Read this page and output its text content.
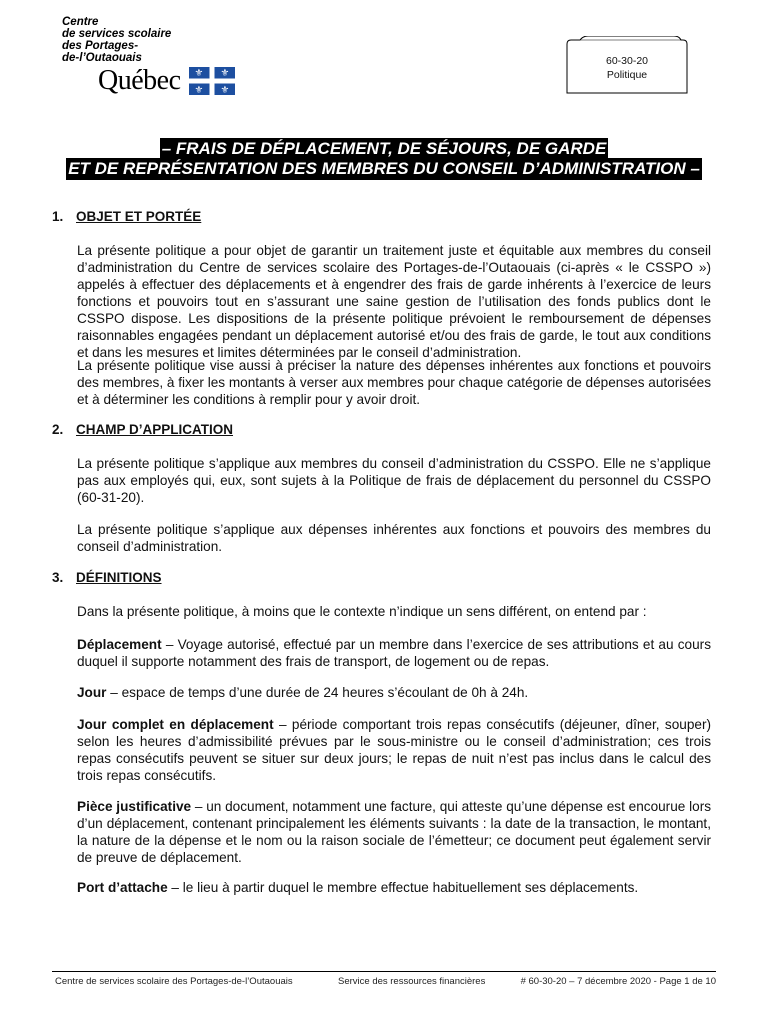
Centre
de services scolaire
des Portages-
de-l’Outaouais
Québec ⚜ ⚜
⚜ ⚜
60-30-20
Politique
– FRAIS DE DÉPLACEMENT, DE SÉJOURS, DE GARDE
ET DE REPRÉSENTATION DES MEMBRES DU CONSEIL D’ADMINISTRATION –
1. OBJET ET PORTÉE

La présente politique a pour objet de garantir un traitement juste et équitable aux membres du conseil d’administration du Centre de services scolaire des Portages-de-l’Outaouais (ci-après « le CSSPO ») appelés à effectuer des déplacements et à engendrer des frais de garde inhérents à l’exercice de leurs fonctions et pouvoirs tout en s’assurant une saine gestion de l’utilisation des fonds publics dont le CSSPO dispose. Les dispositions de la présente politique prévoient le remboursement de dépenses raisonnables engagées pendant un déplacement autorisé et/ou des frais de garde, le tout aux conditions et dans les mesures et limites déterminées par le conseil d’administration.

La présente politique vise aussi à préciser la nature des dépenses inhérentes aux fonctions et pouvoirs des membres, à fixer les montants à verser aux membres pour chaque catégorie de dépenses autorisées et à déterminer les conditions à remplir pour y avoir droit.

2. CHAMP D’APPLICATION

La présente politique s’applique aux membres du conseil d’administration du CSSPO. Elle ne s’applique pas aux employés qui, eux, sont sujets à la Politique de frais de déplacement du personnel du CSSPO (60-31-20).

La présente politique s’applique aux dépenses inhérentes aux fonctions et pouvoirs des membres du conseil d’administration.

3. DÉFINITIONS

Dans la présente politique, à moins que le contexte n’indique un sens différent, on entend par :

Déplacement – Voyage autorisé, effectué par un membre dans l’exercice de ses attributions et au cours duquel il supporte notamment des frais de transport, de logement ou de repas.

Jour – espace de temps d’une durée de 24 heures s’écoulant de 0h à 24h.

Jour complet en déplacement – période comportant trois repas consécutifs (déjeuner, dîner, souper) selon les heures d’admissibilité prévues par le sous-ministre ou le conseil d’administration; ces trois repas consécutifs peuvent se situer sur deux jours; le repas de nuit n’est pas inclus dans le calcul des trois repas consécutifs.

Pièce justificative – un document, notamment une facture, qui atteste qu’une dépense est encourue lors d’un déplacement, contenant principalement les éléments suivants : la date de la transaction, le montant, la nature de la dépense et le nom ou la raison sociale de l’émetteur; ce document peut également servir de preuve de déplacement.

Port d’attache – le lieu à partir duquel le membre effectue habituellement ses déplacements.

Centre de services scolaire des Portages-de-l’Outaouais	Service des ressources financières	# 60-30-20 – 7 décembre 2020 - Page 1 de 10
